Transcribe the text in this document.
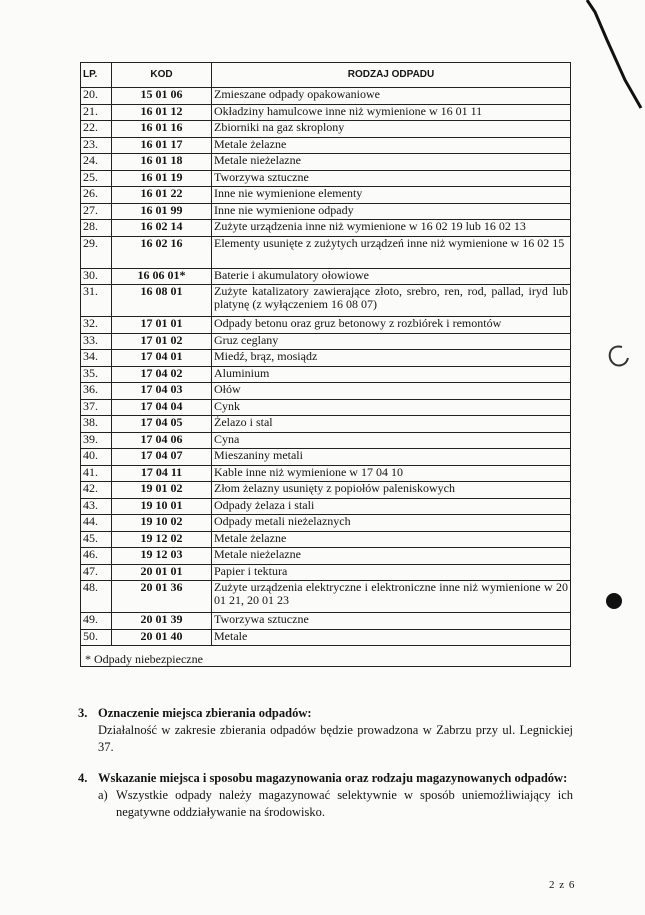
LP.	KOD	RODZAJ ODPADU
20.	15 01 06	Zmieszane odpady opakowaniowe
21.	16 01 12	Okładziny hamulcowe inne niż wymienione w 16 01 11
22.	16 01 16	Zbiorniki na gaz skroplony
23.	16 01 17	Metale żelazne
24.	16 01 18	Metale nieżelazne
25.	16 01 19	Tworzywa sztuczne
26.	16 01 22	Inne nie wymienione elementy
27.	16 01 99	Inne nie wymienione odpady
28.	16 02 14	Zużyte urządzenia inne niż wymienione w 16 02 19 lub 16 02 13
29.	16 02 16	Elementy usunięte z zużytych urządzeń inne niż wymienione w 16 02 15
30.	16 06 01*	Baterie i akumulatory ołowiowe
31.	16 08 01	Zużyte katalizatory zawierające złoto, srebro, ren, rod, pallad, iryd lub platynę (z wyłączeniem 16 08 07)
32.	17 01 01	Odpady betonu oraz gruz betonowy z rozbiórek i remontów
33.	17 01 02	Gruz ceglany
34.	17 04 01	Miedź, brąz, mosiądz
35.	17 04 02	Aluminium
36.	17 04 03	Ołów
37.	17 04 04	Cynk
38.	17 04 05	Żelazo i stal
39.	17 04 06	Cyna
40.	17 04 07	Mieszaniny metali
41.	17 04 11	Kable inne niż wymienione w 17 04 10
42.	19 01 02	Złom żelazny usunięty z popiołów paleniskowych
43.	19 10 01	Odpady żelaza i stali
44.	19 10 02	Odpady metali nieżelaznych
45.	19 12 02	Metale żelazne
46.	19 12 03	Metale nieżelazne
47.	20 01 01	Papier i tektura
48.	20 01 36	Zużyte urządzenia elektryczne i elektroniczne inne niż wymienione w 20 01 21, 20 01 23
49.	20 01 39	Tworzywa sztuczne
50.	20 01 40	Metale
* Odpady niebezpieczne		
3. Oznaczenie miejsca zbierania odpadów:
Działalność w zakresie zbierania odpadów będzie prowadzona w Zabrzu przy ul. Legnickiej 37.
4. Wskazanie miejsca i sposobu magazynowania oraz rodzaju magazynowanych odpadów:
a) Wszystkie odpady należy magazynować selektywnie w sposób uniemożliwiający ich negatywne oddziaływanie na środowisko.
2 z 6
